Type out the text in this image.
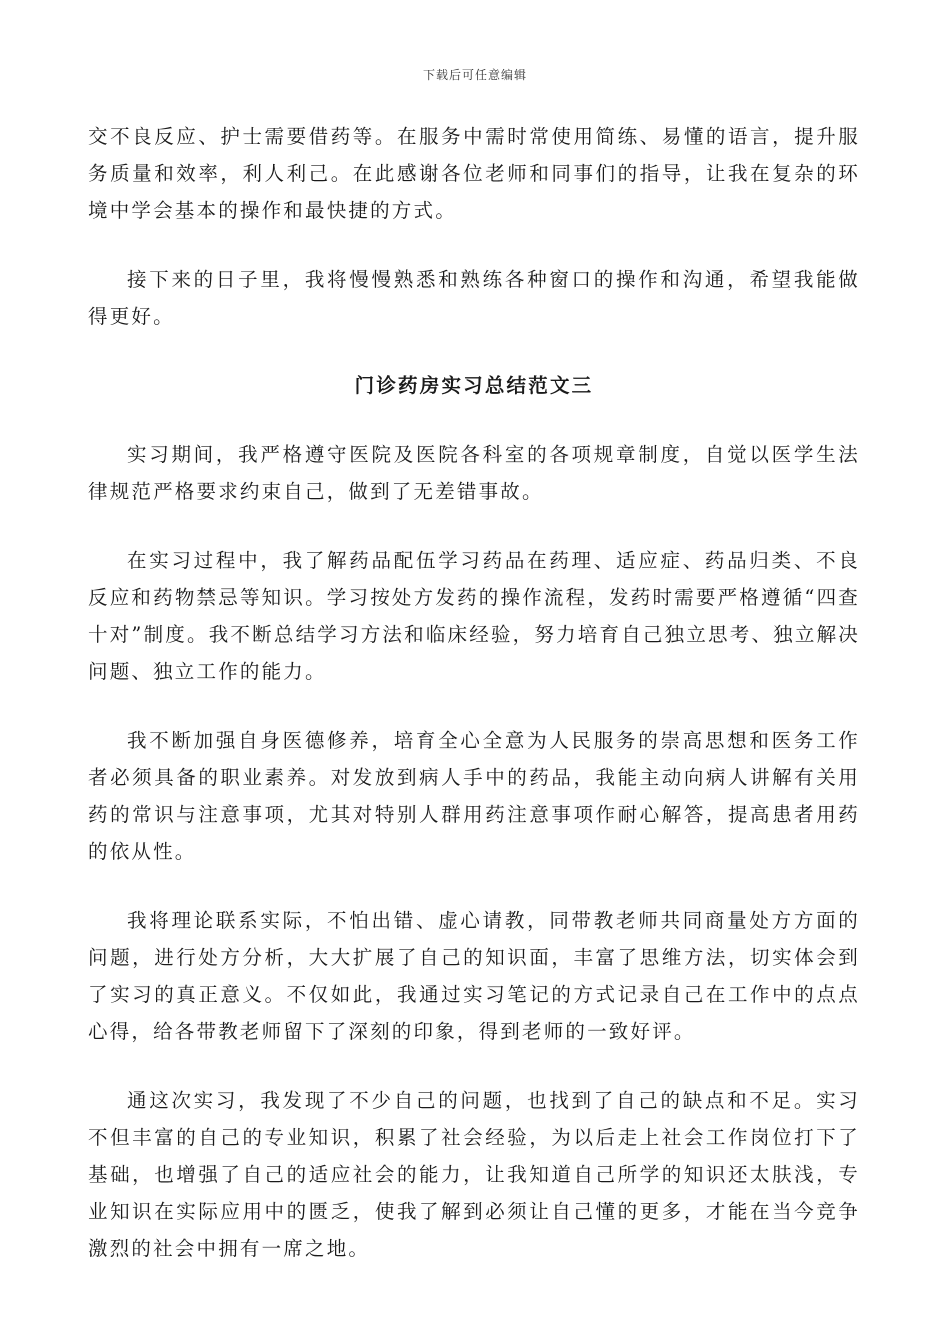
下载后可任意编辑

交不良反应、护士需要借药等。在服务中需时常使用简练、易懂的语言，提升服务质量和效率，利人利己。在此感谢各位老师和同事们的指导，让我在复杂的环境中学会基本的操作和最快捷的方式。

接下来的日子里，我将慢慢熟悉和熟练各种窗口的操作和沟通，希望我能做得更好。

门诊药房实习总结范文三

实习期间，我严格遵守医院及医院各科室的各项规章制度，自觉以医学生法律规范严格要求约束自己，做到了无差错事故。

在实习过程中，我了解药品配伍学习药品在药理、适应症、药品归类、不良反应和药物禁忌等知识。学习按处方发药的操作流程，发药时需要严格遵循“四查十对”制度。我不断总结学习方法和临床经验，努力培育自己独立思考、独立解决问题、独立工作的能力。

我不断加强自身医德修养，培育全心全意为人民服务的崇高思想和医务工作者必须具备的职业素养。对发放到病人手中的药品，我能主动向病人讲解有关用药的常识与注意事项，尤其对特别人群用药注意事项作耐心解答，提高患者用药的依从性。

我将理论联系实际，不怕出错、虚心请教，同带教老师共同商量处方方面的问题，进行处方分析，大大扩展了自己的知识面，丰富了思维方法，切实体会到了实习的真正意义。不仅如此，我通过实习笔记的方式记录自己在工作中的点点心得，给各带教老师留下了深刻的印象，得到老师的一致好评。

通这次实习，我发现了不少自己的问题，也找到了自己的缺点和不足。实习不但丰富的自己的专业知识，积累了社会经验，为以后走上社会工作岗位打下了基础，也增强了自己的适应社会的能力，让我知道自己所学的知识还太肤浅，专业知识在实际应用中的匮乏，使我了解到必须让自己懂的更多，才能在当今竞争激烈的社会中拥有一席之地。
